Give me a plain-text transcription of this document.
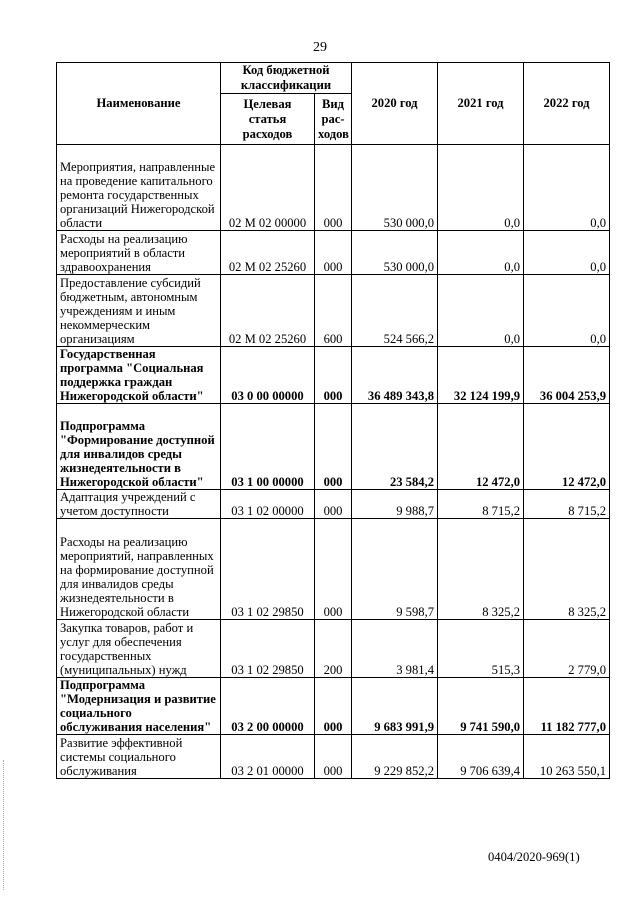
29
Наименование	Код бюджетной классификации		2020 год	2021 год	2022 год
	Целевая статья расходов	Вид рас-ходов			
Мероприятия, направленные на проведение капитального ремонта государственных организаций Нижегородской области	02 М 02 00000	000	530 000,0	0,0	0,0
Расходы на реализацию мероприятий в области здравоохранения	02 М 02 25260	000	530 000,0	0,0	0,0
Предоставление субсидий бюджетным, автономным учреждениям и иным некоммерческим организациям	02 М 02 25260	600	524 566,2	0,0	0,0
Государственная программа "Социальная поддержка граждан Нижегородской области"	03 0 00 00000	000	36 489 343,8	32 124 199,9	36 004 253,9
Подпрограмма "Формирование доступной для инвалидов среды жизнедеятельности в Нижегородской области"	03 1 00 00000	000	23 584,2	12 472,0	12 472,0
Адаптация учреждений с учетом доступности	03 1 02 00000	000	9 988,7	8 715,2	8 715,2
Расходы на реализацию мероприятий, направленных на формирование доступной для инвалидов среды жизнедеятельности в Нижегородской области	03 1 02 29850	000	9 598,7	8 325,2	8 325,2
Закупка товаров, работ и услуг для обеспечения государственных (муниципальных) нужд	03 1 02 29850	200	3 981,4	515,3	2 779,0
Подпрограмма "Модернизация и развитие социального обслуживания населения"	03 2 00 00000	000	9 683 991,9	9 741 590,0	11 182 777,0
Развитие эффективной системы социального обслуживания	03 2 01 00000	000	9 229 852,2	9 706 639,4	10 263 550,1
0404/2020-969(1)
